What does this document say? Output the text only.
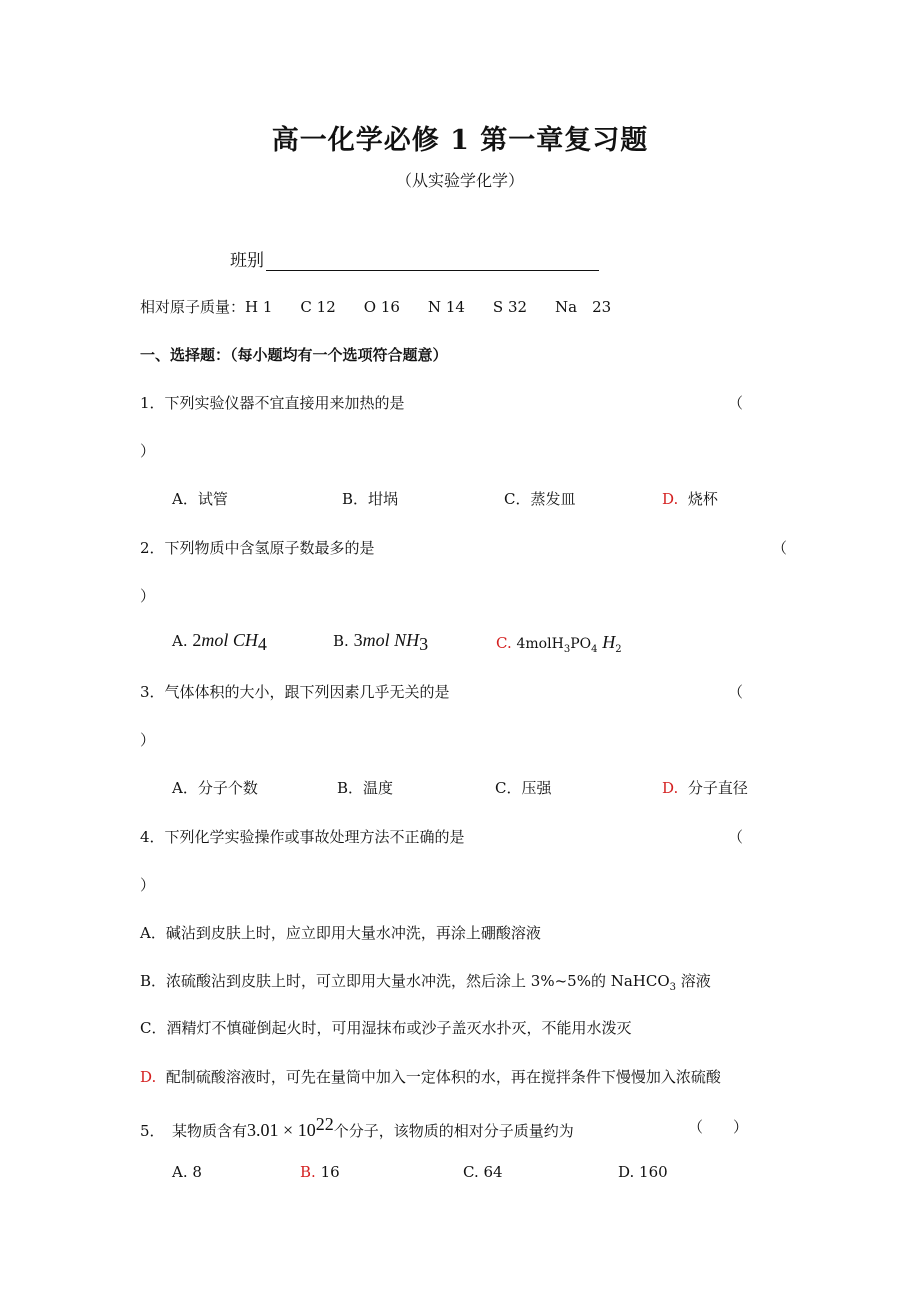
高一化学必修 1 第一章复习题
（从实验学化学）
班别
相对原子质量：H 1 C 12 O 16 N 14 S 32 Na　23
一、选择题：（每小题均有一个选项符合题意）
1．下列实验仪器不宜直接用来加热的是	（
）
A．试管	B．坩埚	C．蒸发皿	D. 烧杯
2．下列物质中含氢原子数最多的是	（
）
A. 2mol $CH_4$	B. 3mol $NH_3$	C. $4molH_3PO_4$ $H_2$
3．气体体积的大小，跟下列因素几乎无关的是	（
）
A．分子个数	B．温度	C．压强	D. 分子直径
4．下列化学实验操作或事故处理方法不正确的是	（
）
A．碱沾到皮肤上时，应立即用大量水冲洗，再涂上硼酸溶液
B．浓硫酸沾到皮肤上时，可立即用大量水冲洗，然后涂上 3%~5%的 NaHCO$_3$ 溶液
C．酒精灯不慎碰倒起火时，可用湿抹布或沙子盖灭水扑灭，不能用水泼灭
D. 配制硫酸溶液时，可先在量筒中加入一定体积的水，再在搅拌条件下慢慢加入浓硫酸
5．　某物质含有$3.01 \times 10^{22}$个分子，该物质的相对分子质量约为	（　　）
A. 8	B. 16	C. 64	D. 160
